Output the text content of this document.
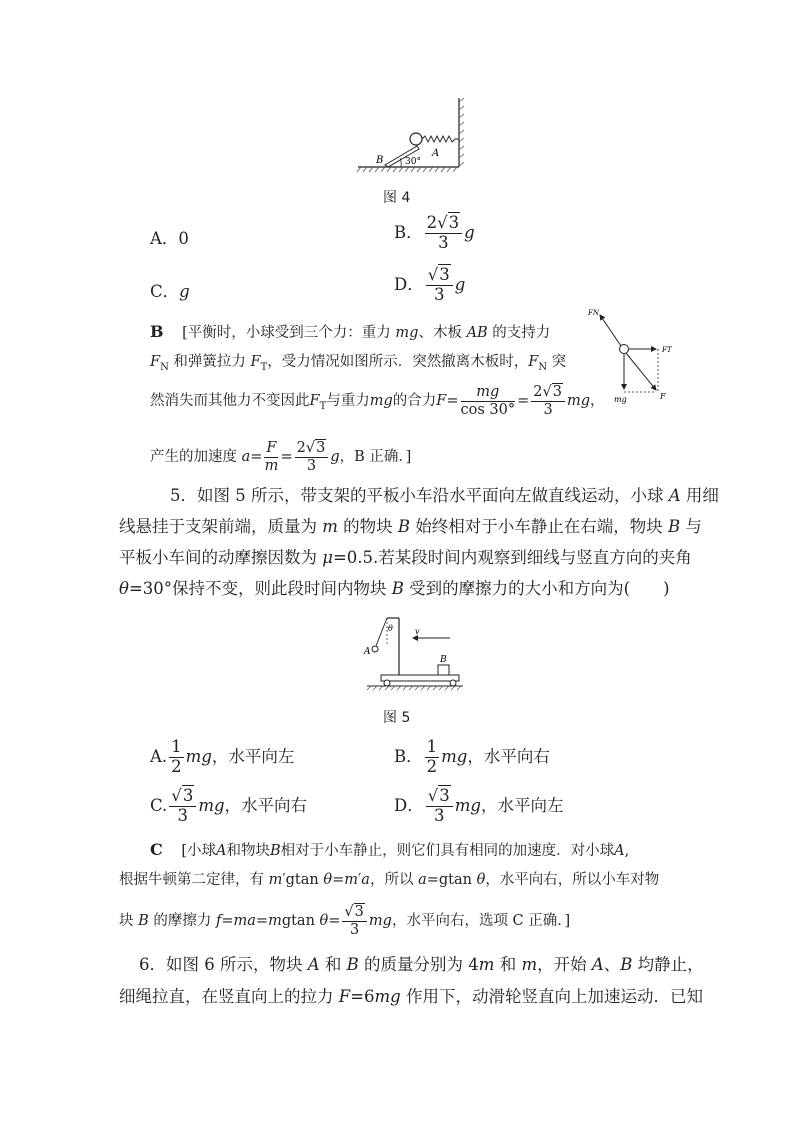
B
A
30°
图 4
A．0	B． $\frac{2√3}{3}$ g
C．g	D． $\frac{√3}{3}$ g
B [平衡时，小球受到三个力：重力 mg、木板 AB 的支持力
$F_N$ 和弹簧拉力 $F_T$，受力情况如图所示．突然撤离木板时，$F_N$ 突
然消失而其他力不变因此$F_T$与重力mg的合力$F= \frac{mg}{\cos 30^\circ} = \frac{2√3}{3}$ mg，
产生的加速度 $a= \frac{F}{m} = \frac{2√3}{3}$ g，B 正确．]
FN
FT
mg	F
5．如图 5 所示，带支架的平板小车沿水平面向左做直线运动，小球 A 用细
线悬挂于支架前端，质量为 m 的物块 B 始终相对于小车静止在右端，物块 B 与
平板小车间的动摩擦因数为 μ=0.5.若某段时间内观察到细线与竖直方向的夹角
θ=30°保持不变，则此段时间内物块 B 受到的摩擦力的大小和方向为(　　)
θ
A
B
v
图 5
A. $\frac{1}{2}$ mg，水平向左	B． $\frac{1}{2}$ mg，水平向右
C. $\frac{√3}{3}$ mg，水平向右	D． $\frac{√3}{3}$ mg，水平向左
C [小球A和物块B相对于小车静止，则它们具有相同的加速度．对小球A,
根据牛顿第二定律，有 m′gtan θ=m′a，所以 a=gtan θ，水平向右，所以小车对物
块 B 的摩擦力 f=ma=mgtan $\theta= \frac{√3}{3}$ mg，水平向右，选项 C 正确．]
6．如图 6 所示，物块 A 和 B 的质量分别为 4m 和 m，开始 A、B 均静止，
细绳拉直，在竖直向上的拉力 F=6mg 作用下，动滑轮竖直向上加速运动．已知
